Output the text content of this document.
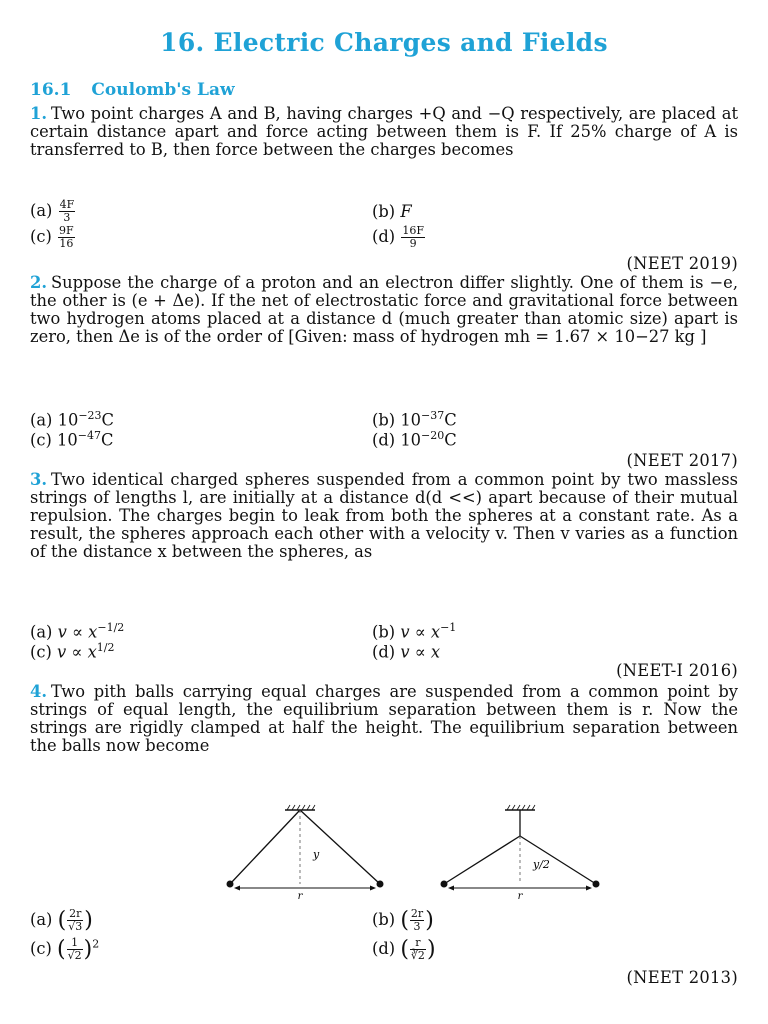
16. Electric Charges and Fields
16.1 Coulomb's Law
1. Two point charges A and B, having charges +Q and −Q respectively, are placed at certain distance apart and force acting between them is F. If 25% charge of A is transferred to B, then force between the charges becomes
$(a) \frac{4F}{3}$	(b) F
$(c) \frac{9F}{16}$	$(d) \frac{16F}{9}$
(NEET 2019)
2. Suppose the charge of a proton and an electron differ slightly. One of them is −e, the other is (e + Δe). If the net of electrostatic force and gravitational force between two hydrogen atoms placed at a distance d (much greater than atomic size) apart is zero, then Δe is of the order of [Given: mass of hydrogen mh = 1.67 × 10−27 kg ]
(a) $10^{-23}C$	(b) $10^{-37}C$
(c) $10^{-47}C$	(d) $10^{-20}C$
(NEET 2017)
3. Two identical charged spheres suspended from a common point by two massless strings of lengths l, are initially at a distance d(d <<) apart because of their mutual repulsion. The charges begin to leak from both the spheres at a constant rate. As a result, the spheres approach each other with a velocity v. Then v varies as a function of the distance x between the spheres, as
(a) $v \propto x^{-1/2}$	(b) $v \propto x^{-1}$
(c) $v \propto x^{1/2}$	(d) v ∝ x
(NEET-I 2016)
4. Two pith balls carrying equal charges are suspended from a common point by strings of equal length, the equilibrium separation between them is r. Now the strings are rigidly clamped at half the height. The equilibrium separation between the balls now become
y
r
y/2
r
(a) ( $\frac{2r}{√3}$ )	(b) ( $\frac{2r}{3}$ )
(c) ( $\frac{1}{√2} )^2$	(d) ( $\frac{r}{∛2}$ )
(NEET 2013)
